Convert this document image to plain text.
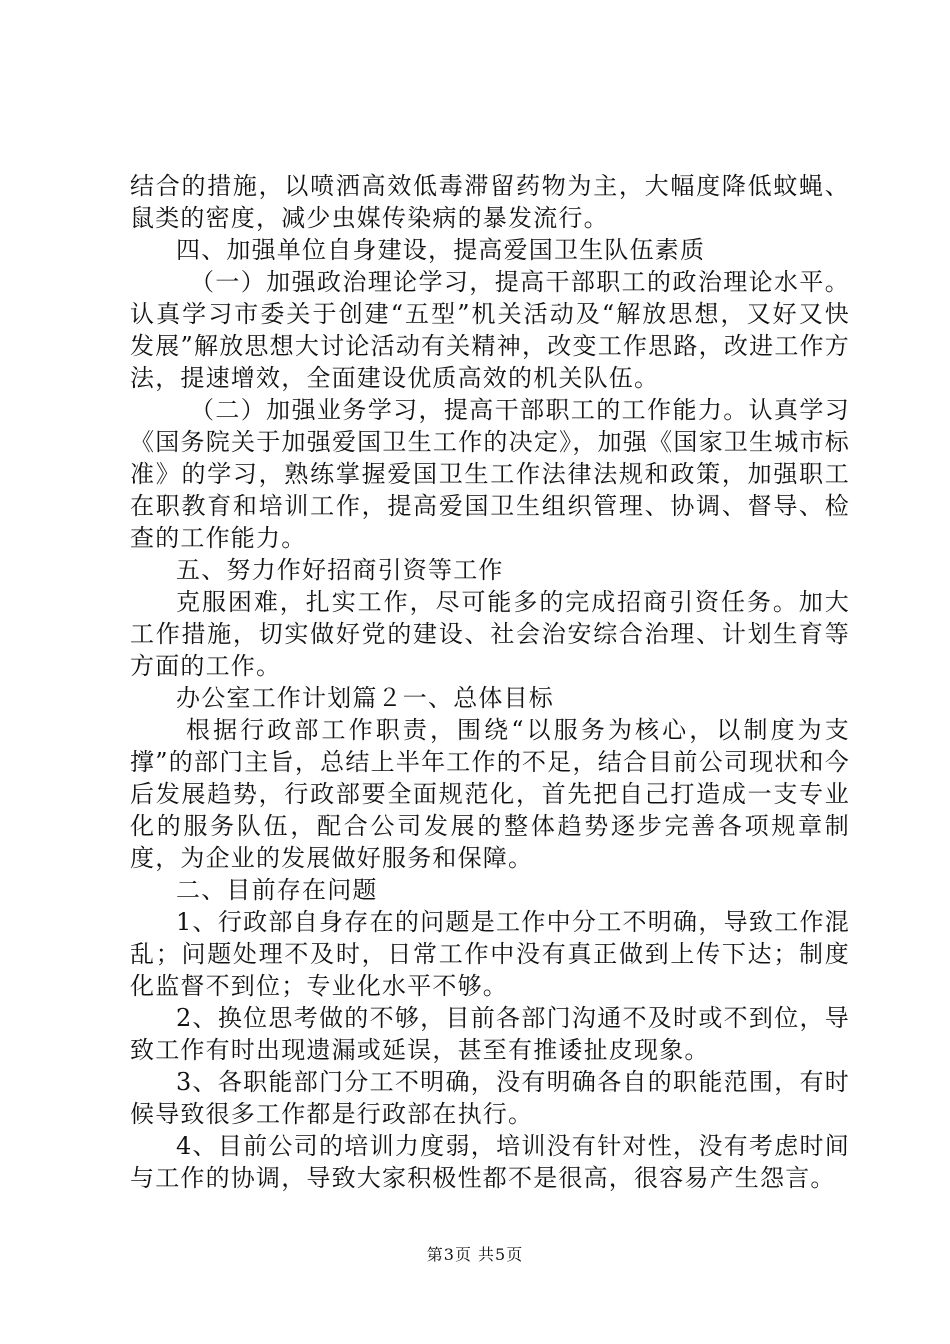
结合的措施，以喷洒高效低毒滞留药物为主，大幅度降低蚊蝇、鼠类的密度，减少虫媒传染病的暴发流行。

四、加强单位自身建设，提高爱国卫生队伍素质

（一）加强政治理论学习，提高干部职工的政治理论水平。认真学习市委关于创建“五型”机关活动及“解放思想，又好又快发展”解放思想大讨论活动有关精神，改变工作思路，改进工作方法，提速增效，全面建设优质高效的机关队伍。

（二）加强业务学习，提高干部职工的工作能力。认真学习《国务院关于加强爱国卫生工作的决定》，加强《国家卫生城市标准》的学习，熟练掌握爱国卫生工作法律法规和政策，加强职工在职教育和培训工作，提高爱国卫生组织管理、协调、督导、检查的工作能力。

五、努力作好招商引资等工作

克服困难，扎实工作，尽可能多的完成招商引资任务。加大工作措施，切实做好党的建设、社会治安综合治理、计划生育等方面的工作。

办公室工作计划篇２一、总体目标

根据行政部工作职责，围绕“以服务为核心，以制度为支撑”的部门主旨，总结上半年工作的不足，结合目前公司现状和今后发展趋势，行政部要全面规范化，首先把自己打造成一支专业化的服务队伍，配合公司发展的整体趋势逐步完善各项规章制度，为企业的发展做好服务和保障。

二、目前存在问题

1、行政部自身存在的问题是工作中分工不明确，导致工作混乱；问题处理不及时，日常工作中没有真正做到上传下达；制度化监督不到位；专业化水平不够。

2、换位思考做的不够，目前各部门沟通不及时或不到位，导致工作有时出现遗漏或延误，甚至有推诿扯皮现象。

3、各职能部门分工不明确，没有明确各自的职能范围，有时候导致很多工作都是行政部在执行。

4、目前公司的培训力度弱，培训没有针对性，没有考虑时间与工作的协调，导致大家积极性都不是很高，很容易产生怨言。

第3页 共5页
